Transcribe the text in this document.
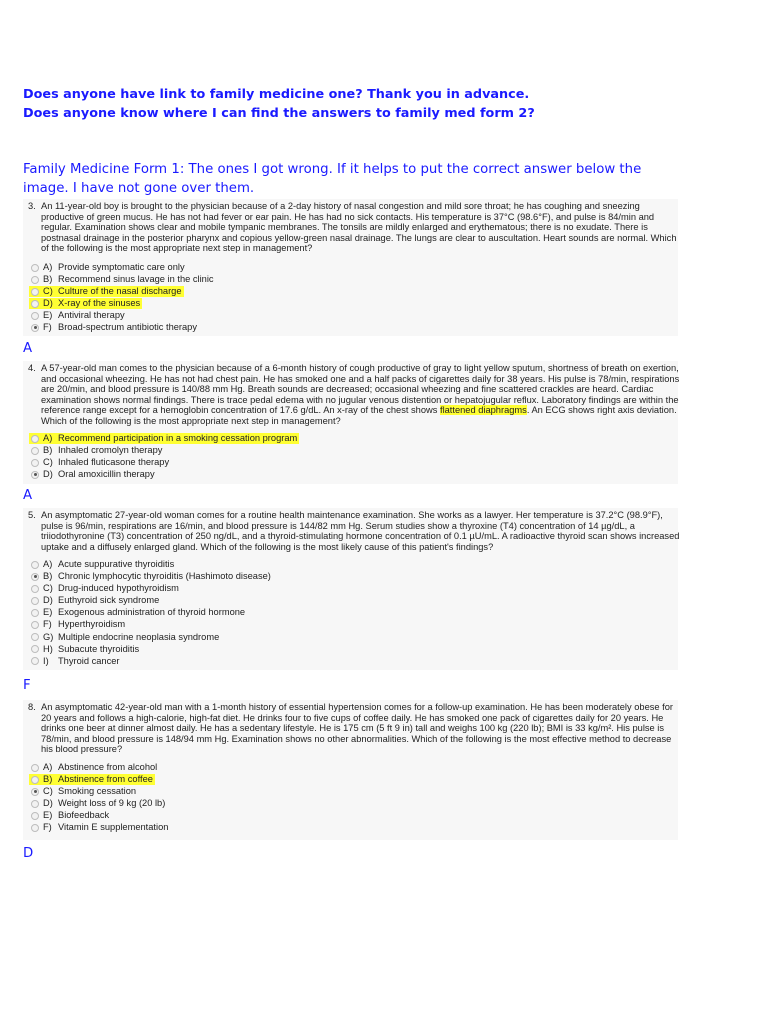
Does anyone have link to family medicine one? Thank you in advance.

Does anyone know where I can find the answers to family med form 2?

Family Medicine Form 1: The ones I got wrong. If it helps to put the correct answer below the image. I have not gone over them.

3. An 11-year-old boy is brought to the physician because of a 2-day history of nasal congestion and mild sore throat; he has coughing and sneezing productive of green mucus. He has not had fever or ear pain. He has had no sick contacts. His temperature is 37°C (98.6°F), and pulse is 84/min and regular. Examination shows clear and mobile tympanic membranes. The tonsils are mildly enlarged and erythematous; there is no exudate. There is postnasal drainage in the posterior pharynx and copious yellow-green nasal drainage. The lungs are clear to auscultation. Heart sounds are normal. Which of the following is the most appropriate next step in management?
A) Provide symptomatic care only
B) Recommend sinus lavage in the clinic
C) Culture of the nasal discharge
D) X-ray of the sinuses
E) Antiviral therapy
F) Broad-spectrum antibiotic therapy

A

4. A 57-year-old man comes to the physician because of a 6-month history of cough productive of gray to light yellow sputum, shortness of breath on exertion, and occasional wheezing. He has not had chest pain. He has smoked one and a half packs of cigarettes daily for 38 years. His pulse is 78/min, respirations are 20/min, and blood pressure is 140/88 mm Hg. Breath sounds are decreased; occasional wheezing and fine scattered crackles are heard. Cardiac examination shows normal findings. There is trace pedal edema with no jugular venous distention or hepatojugular reflux. Laboratory findings are within the reference range except for a hemoglobin concentration of 17.6 g/dL. An x-ray of the chest shows flattened diaphragms. An ECG shows right axis deviation. Which of the following is the most appropriate next step in management?
A) Recommend participation in a smoking cessation program
B) Inhaled cromolyn therapy
C) Inhaled fluticasone therapy
D) Oral amoxicillin therapy

A

5. An asymptomatic 27-year-old woman comes for a routine health maintenance examination. She works as a lawyer. Her temperature is 37.2°C (98.9°F), pulse is 96/min, respirations are 16/min, and blood pressure is 144/82 mm Hg. Serum studies show a thyroxine (T4) concentration of 14 µg/dL, a triiodothyronine (T3) concentration of 250 ng/dL, and a thyroid-stimulating hormone concentration of 0.1 µU/mL. A radioactive thyroid scan shows increased uptake and a diffusely enlarged gland. Which of the following is the most likely cause of this patient's findings?
A) Acute suppurative thyroiditis
B) Chronic lymphocytic thyroiditis (Hashimoto disease)
C) Drug-induced hypothyroidism
D) Euthyroid sick syndrome
E) Exogenous administration of thyroid hormone
F) Hyperthyroidism
G) Multiple endocrine neoplasia syndrome
H) Subacute thyroiditis
I) Thyroid cancer

F

8. An asymptomatic 42-year-old man with a 1-month history of essential hypertension comes for a follow-up examination. He has been moderately obese for 20 years and follows a high-calorie, high-fat diet. He drinks four to five cups of coffee daily. He has smoked one pack of cigarettes daily for 20 years. He drinks one beer at dinner almost daily. He has a sedentary lifestyle. He is 175 cm (5 ft 9 in) tall and weighs 100 kg (220 lb); BMI is 33 kg/m². His pulse is 78/min, and blood pressure is 148/94 mm Hg. Examination shows no other abnormalities. Which of the following is the most effective method to decrease his blood pressure?
A) Abstinence from alcohol
B) Abstinence from coffee
C) Smoking cessation
D) Weight loss of 9 kg (20 lb)
E) Biofeedback
F) Vitamin E supplementation

D
